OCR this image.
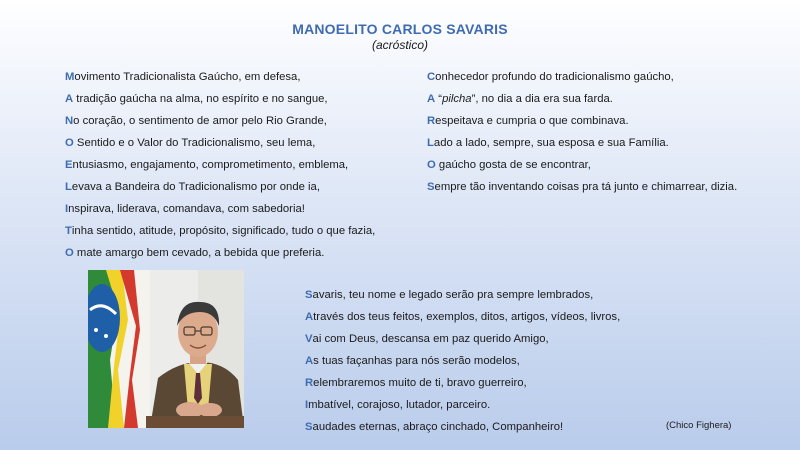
MANOELITO CARLOS SAVARIS
(acróstico)
Movimento Tradicionalista Gaúcho, em defesa,
A tradição gaúcha na alma, no espírito e no sangue,
No coração, o sentimento de amor pelo Rio Grande,
O Sentido e o Valor do Tradicionalismo, seu lema,
Entusiasmo, engajamento, comprometimento, emblema,
Levava a Bandeira do Tradicionalismo por onde ia,
Inspirava, liderava, comandava, com sabedoria!
Tinha sentido, atitude, propósito, significado, tudo o que fazia,
O mate amargo bem cevado, a bebida que preferia.
Conhecedor profundo do tradicionalismo gaúcho,
A “pilcha”, no dia a dia era sua farda.
Respeitava e cumpria o que combinava.
Lado a lado, sempre, sua esposa e sua Família.
O gaúcho gosta de se encontrar,
Sempre tão inventando coisas pra tá junto e chimarrear, dizia.
Savaris, teu nome e legado serão pra sempre lembrados,
Através dos teus feitos, exemplos, ditos, artigos, vídeos, livros,
Vai com Deus, descansa em paz querido Amigo,
As tuas façanhas para nós serão modelos,
Relembraremos muito de ti, bravo guerreiro,
Imbatível, corajoso, lutador, parceiro.
Saudades eternas, abraço cinchado, Companheiro!	(Chico Fighera)
